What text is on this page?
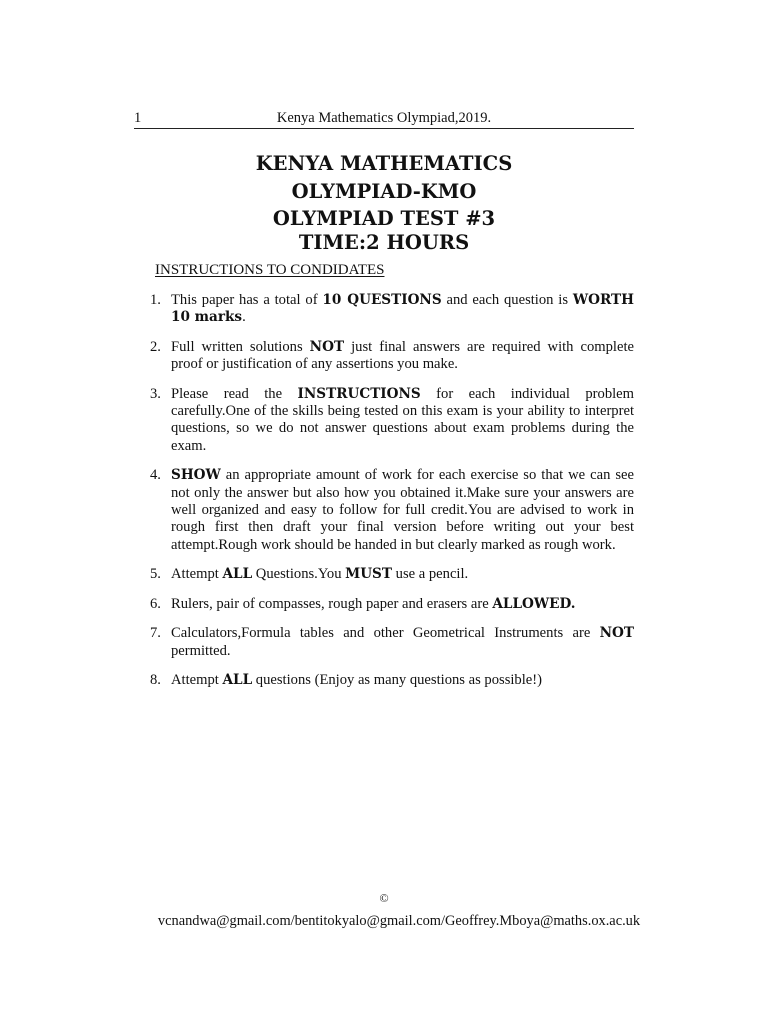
1	Kenya Mathematics Olympiad,2019.
KENYA MATHEMATICS
OLYMPIAD-KMO
OLYMPIAD TEST #3
TIME:2 HOURS
INSTRUCTIONS TO CONDIDATES
1. This paper has a total of 10 QUESTIONS and each question is WORTH 10 marks.
2. Full written solutions NOT just final answers are required with complete proof or justification of any assertions you make.
3. Please read the INSTRUCTIONS for each individual problem carefully.One of the skills being tested on this exam is your ability to interpret questions, so we do not answer questions about exam problems during the exam.
4. SHOW an appropriate amount of work for each exercise so that we can see not only the answer but also how you obtained it.Make sure your answers are well organized and easy to follow for full credit.You are advised to work in rough first then draft your final version before writing out your best attempt.Rough work should be handed in but clearly marked as rough work.
5. Attempt ALL Questions.You MUST use a pencil.
6. Rulers, pair of compasses, rough paper and erasers are ALLOWED.
7. Calculators,Formula tables and other Geometrical Instruments are NOT permitted.
8. Attempt ALL questions (Enjoy as many questions as possible!)
©
vcnandwa@gmail.com/bentitokyalo@gmail.com/Geoffrey.Mboya@maths.ox.ac.uk
